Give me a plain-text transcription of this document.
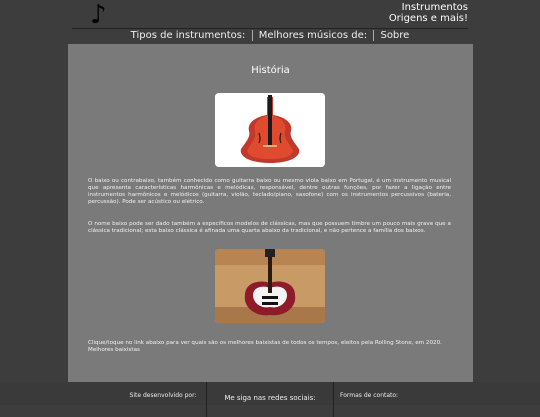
♪	Instrumentos
Origens e mais!
Tipos de instrumentos: Melhores músicos de: Sobre
História
O baixo ou contrabaixo, também conhecido como guitarra baixo ou mesmo viola baixo em Portugal, é um instrumento musical que apresenta características harmônicas e melódicas, responsável, dentre outras funções, por fazer a ligação entre instrumentos harmônicos e melódicos (guitarra, violão, teclado/piano, saxofone) com os instrumentos percussivos (bateria, percussão). Pode ser acústico ou elétrico.
O nome baixo pode ser dado também a específicos modelos de clássicas, mas que possuem timbre um pouco mais grave que a clássica tradicional; esta baixo clássica é afinada uma quarta abaixo da tradicional, e não pertence a família dos baixos.
Clique/toque no link abaixo para ver quais são os melhores baixistas de todos os tempos, eleitos pela Rolling Stone, em 2020.
Melhores baixistas
Site desenvolvido por:	Me siga nas redes sociais:	Formas de contato:
